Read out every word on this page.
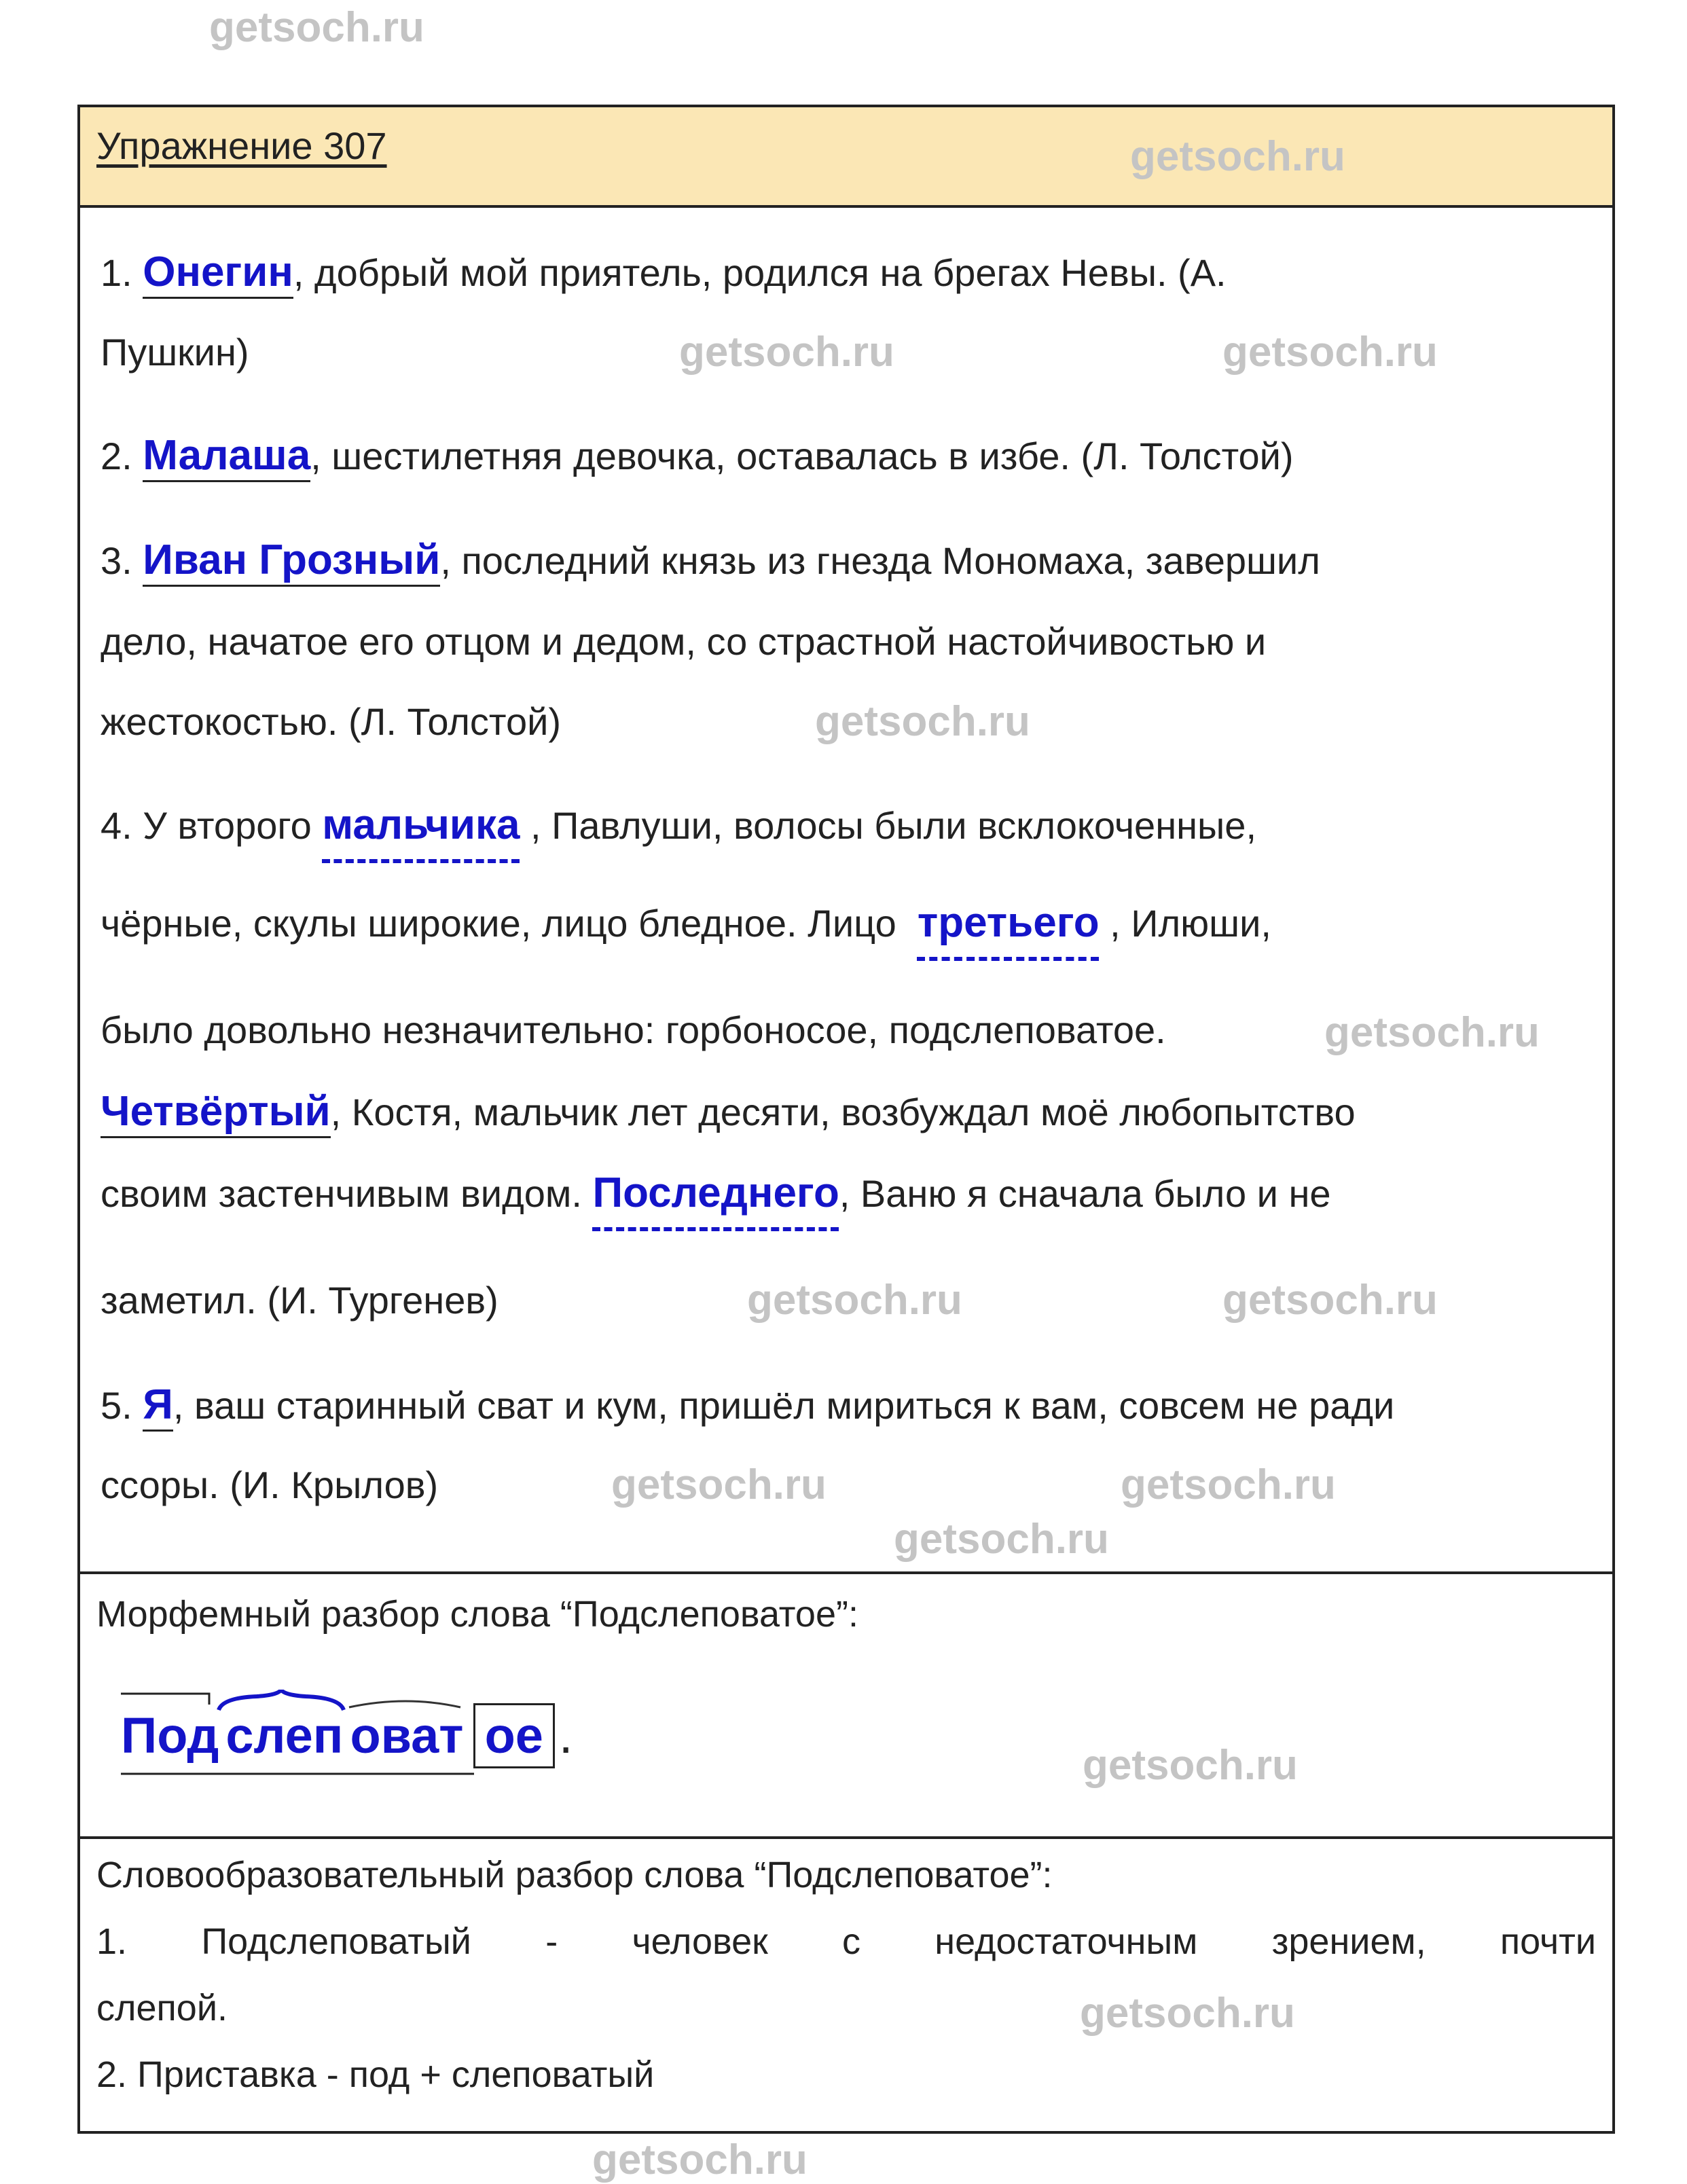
getsoch.ru
getsoch.ru
getsoch.ru	getsoch.ru
getsoch.ru
getsoch.ru
getsoch.ru	getsoch.ru
getsoch.ru	getsoch.ru
getsoch.ru
getsoch.ru
getsoch.ru
getsoch.ru
Упражнение 307
1. Онегин, добрый мой приятель, родился на брегах Невы. (А.
Пушкин)
2. Малаша, шестилетняя девочка, оставалась в избе. (Л. Толстой)
3. Иван Грозный, последний князь из гнезда Мономаха, завершил
дело, начатое его отцом и дедом, со страстной настойчивостью и
жестокостью. (Л. Толстой)
4. У второго мальчика , Павлуши, волосы были всклокоченные,
чёрные, скулы широкие, лицо бледное. Лицо  третьего , Илюши,
было довольно незначительно: горбоносое, подслеповатое.
Четвёртый, Костя, мальчик лет десяти, возбуждал моё любопытство
своим застенчивым видом. Последнего, Ваню я сначала было и не
заметил. (И. Тургенев)
5. Я, ваш старинный сват и кум, пришёл мириться к вам, совсем не ради
ссоры. (И. Крылов)
Морфемный разбор слова “Подслеповатое”:
Под слеп оват ое .
Словообразовательный разбор слова “Подслеповатое”:
1. Подслеповатый - человек с недостаточным зрением, почти
слепой.
2. Приставка - под + слеповатый
